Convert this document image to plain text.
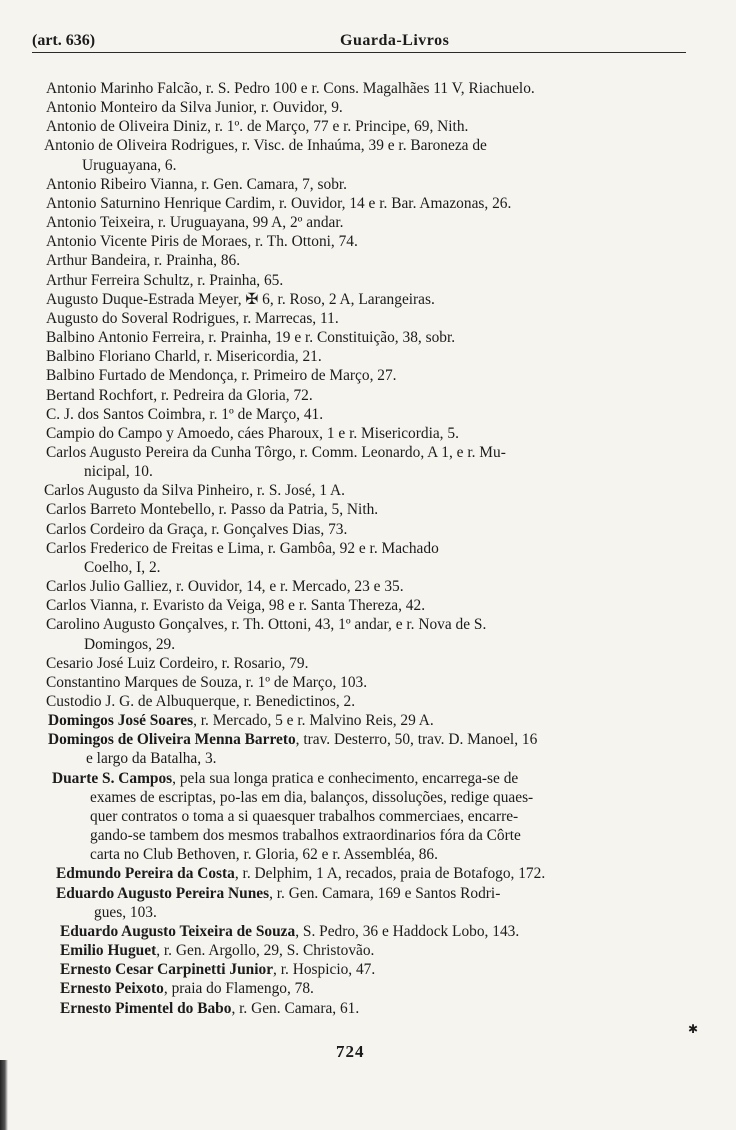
(art. 636)	Guarda-Livros

Antonio Marinho Falcão, r. S. Pedro 100 e r. Cons. Magalhães 11 V, Riachuelo.

Antonio Monteiro da Silva Junior, r. Ouvidor, 9.

Antonio de Oliveira Diniz, r. 1º. de Março, 77 e r. Principe, 69, Nith.

Antonio de Oliveira Rodrigues, r. Visc. de Inhaúma, 39 e r. Baroneza de
Uruguayana, 6.

Antonio Ribeiro Vianna, r. Gen. Camara, 7, sobr.

Antonio Saturnino Henrique Cardim, r. Ouvidor, 14 e r. Bar. Amazonas, 26.

Antonio Teixeira, r. Uruguayana, 99 A, 2º andar.

Antonio Vicente Piris de Moraes, r. Th. Ottoni, 74.

Arthur Bandeira, r. Prainha, 86.

Arthur Ferreira Schultz, r. Prainha, 65.

Augusto Duque-Estrada Meyer, ✠ 6, r. Roso, 2 A, Larangeiras.

Augusto do Soveral Rodrigues, r. Marrecas, 11.

Balbino Antonio Ferreira, r. Prainha, 19 e r. Constituição, 38, sobr.

Balbino Floriano Charld, r. Misericordia, 21.

Balbino Furtado de Mendonça, r. Primeiro de Março, 27.

Bertand Rochfort, r. Pedreira da Gloria, 72.

C. J. dos Santos Coimbra, r. 1º de Março, 41.

Campio do Campo y Amoedo, cáes Pharoux, 1 e r. Misericordia, 5.

Carlos Augusto Pereira da Cunha Tôrgo, r. Comm. Leonardo, A 1, e r. Mu-
nicipal, 10.

Carlos Augusto da Silva Pinheiro, r. S. José, 1 A.

Carlos Barreto Montebello, r. Passo da Patria, 5, Nith.

Carlos Cordeiro da Graça, r. Gonçalves Dias, 73.

Carlos Frederico de Freitas e Lima, r. Gambôa, 92 e r. Machado
Coelho, I, 2.

Carlos Julio Galliez, r. Ouvidor, 14, e r. Mercado, 23 e 35.

Carlos Vianna, r. Evaristo da Veiga, 98 e r. Santa Thereza, 42.

Carolino Augusto Gonçalves, r. Th. Ottoni, 43, 1º andar, e r. Nova de S.
Domingos, 29.

Cesario José Luiz Cordeiro, r. Rosario, 79.

Constantino Marques de Souza, r. 1º de Março, 103.

Custodio J. G. de Albuquerque, r. Benedictinos, 2.

Domingos José Soares, r. Mercado, 5 e r. Malvino Reis, 29 A.

Domingos de Oliveira Menna Barreto, trav. Desterro, 50, trav. D. Manoel, 16
e largo da Batalha, 3.

Duarte S. Campos, pela sua longa pratica e conhecimento, encarrega-se de
exames de escriptas, po-las em dia, balanços, dissoluções, redige quaes-
quer contratos o toma a si quaesquer trabalhos commerciaes, encarre-
gando-se tambem dos mesmos trabalhos extraordinarios fóra da Côrte
carta no Club Bethoven, r. Gloria, 62 e r. Assembléa, 86.

Edmundo Pereira da Costa, r. Delphim, 1 A, recados, praia de Botafogo, 172.

Eduardo Augusto Pereira Nunes, r. Gen. Camara, 169 e Santos Rodri-
gues, 103.

Eduardo Augusto Teixeira de Souza, S. Pedro, 36 e Haddock Lobo, 143.

Emilio Huguet, r. Gen. Argollo, 29, S. Christovão.

Ernesto Cesar Carpinetti Junior, r. Hospicio, 47.

Ernesto Peixoto, praia do Flamengo, 78.

Ernesto Pimentel do Babo, r. Gen. Camara, 61.

✱
724
